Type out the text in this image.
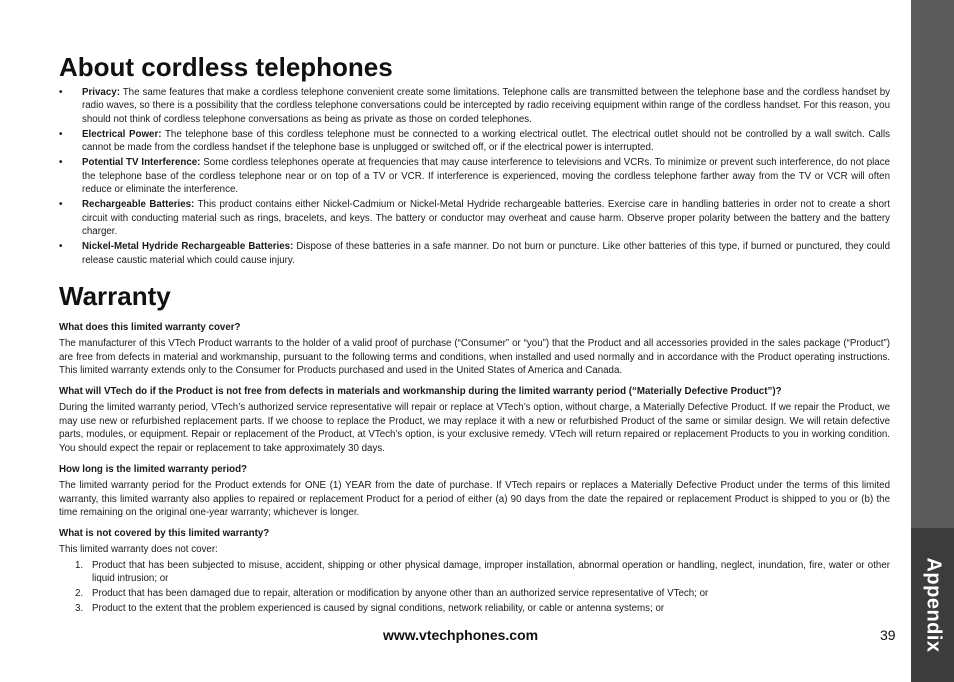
Appendix
About cordless telephones
• Privacy: The same features that make a cordless telephone convenient create some limitations. Telephone calls are transmitted between the telephone base and the cordless handset by radio waves, so there is a possibility that the cordless telephone conversations could be intercepted by radio receiving equipment within range of the cordless handset. For this reason, you should not think of cordless telephone conversations as being as private as those on corded telephones.
• Electrical Power: The telephone base of this cordless telephone must be connected to a working electrical outlet. The electrical outlet should not be controlled by a wall switch. Calls cannot be made from the cordless handset if the telephone base is unplugged or switched off, or if the electrical power is interrupted.
• Potential TV Interference: Some cordless telephones operate at frequencies that may cause interference to televisions and VCRs. To minimize or prevent such interference, do not place the telephone base of the cordless telephone near or on top of a TV or VCR. If interference is experienced, moving the cordless telephone farther away from the TV or VCR will often reduce or eliminate the interference.
• Rechargeable Batteries: This product contains either Nickel-Cadmium or Nickel-Metal Hydride rechargeable batteries. Exercise care in handling batteries in order not to create a short circuit with conducting material such as rings, bracelets, and keys. The battery or conductor may overheat and cause harm. Observe proper polarity between the battery and the battery charger.
• Nickel-Metal Hydride Rechargeable Batteries: Dispose of these batteries in a safe manner. Do not burn or puncture. Like other batteries of this type, if burned or punctured, they could release caustic material which could cause injury.
Warranty
What does this limited warranty cover?

The manufacturer of this VTech Product warrants to the holder of a valid proof of purchase (“Consumer” or “you”) that the Product and all accessories provided in the sales package (“Product”) are free from defects in material and workmanship, pursuant to the following terms and conditions, when installed and used normally and in accordance with the Product operating instructions. This limited warranty extends only to the Consumer for Products purchased and used in the United States of America and Canada.

What will VTech do if the Product is not free from defects in materials and workmanship during the limited warranty period (“Materially Defective Product”)?

During the limited warranty period, VTech’s authorized service representative will repair or replace at VTech’s option, without charge, a Materially Defective Product. If we repair the Product, we may use new or refurbished replacement parts. If we choose to replace the Product, we may replace it with a new or refurbished Product of the same or similar design. We will retain defective parts, modules, or equipment. Repair or replacement of the Product, at VTech’s option, is your exclusive remedy. VTech will return repaired or replacement Products to you in working condition. You should expect the repair or replacement to take approximately 30 days.

How long is the limited warranty period?

The limited warranty period for the Product extends for ONE (1) YEAR from the date of purchase. If VTech repairs or replaces a Materially Defective Product under the terms of this limited warranty, this limited warranty also applies to repaired or replacement Product for a period of either (a) 90 days from the date the repaired or replacement Product is shipped to you or (b) the time remaining on the original one-year warranty; whichever is longer.

What is not covered by this limited warranty?

This limited warranty does not cover:

1. Product that has been subjected to misuse, accident, shipping or other physical damage, improper installation, abnormal operation or handling, neglect, inundation, fire, water or other liquid intrusion; or
2. Product that has been damaged due to repair, alteration or modification by anyone other than an authorized service representative of VTech; or
3. Product to the extent that the problem experienced is caused by signal conditions, network reliability, or cable or antenna systems; or
www.vtechphones.com	39
